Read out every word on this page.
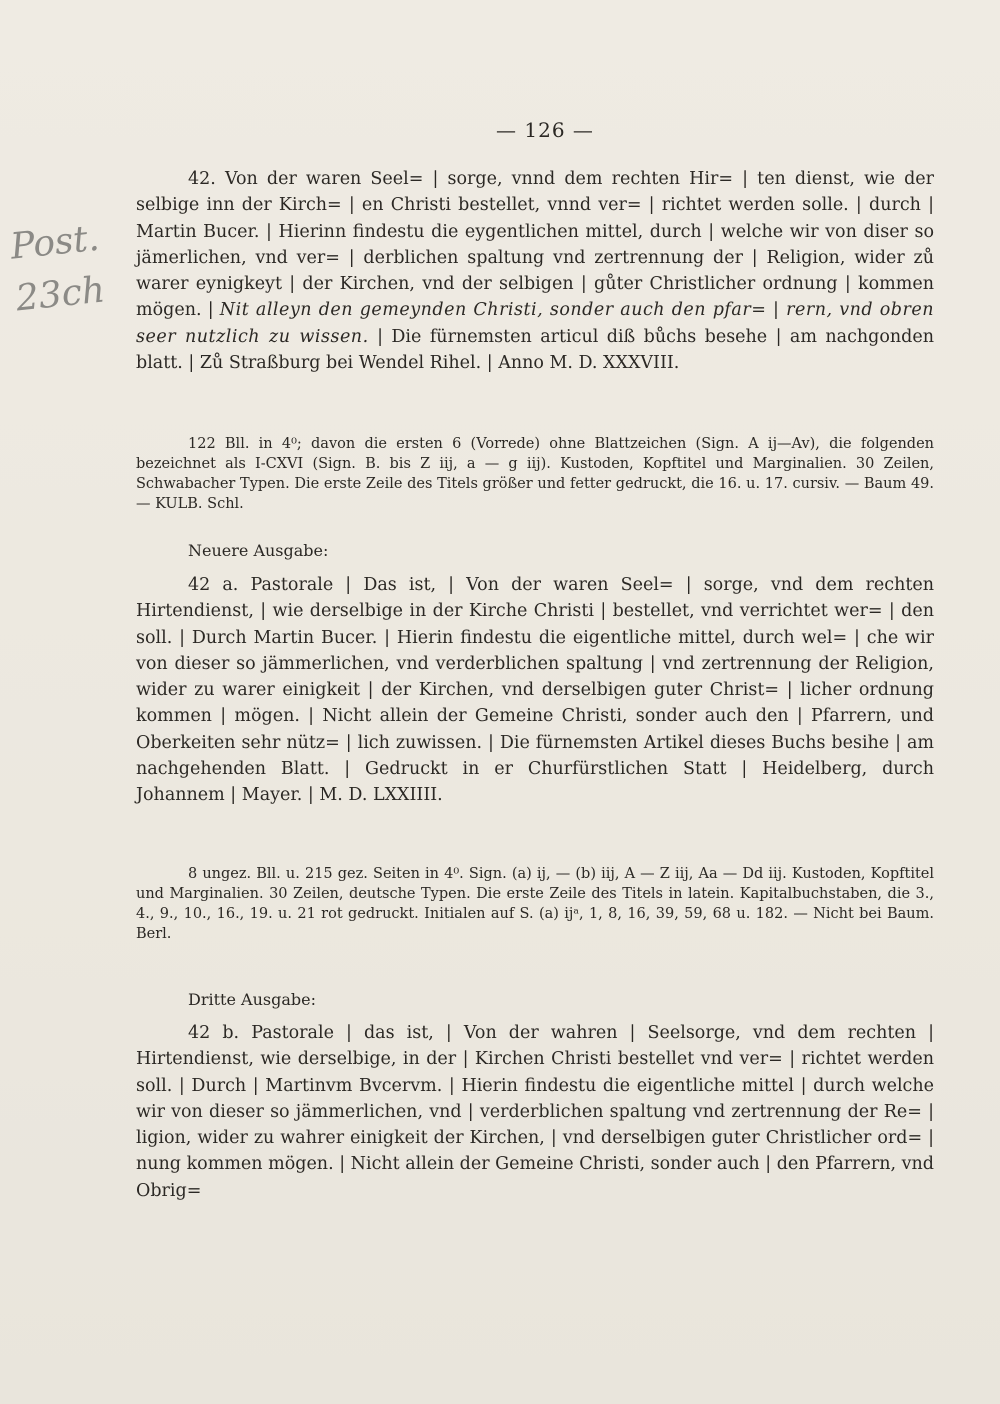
— 126 —
Post.
23ch

42. Von der waren Seel= | sorge, vnnd dem rechten Hir= | ten dienst, wie der selbige inn der Kirch= | en Christi bestellet, vnnd ver= | richtet werden solle. | durch | Martin Bucer. | Hierinn findestu die eygentlichen mittel, durch | welche wir von diser so jämerlichen, vnd ver= | derblichen spaltung vnd zertrennung der | Religion, wider zů warer eynigkeyt | der Kirchen, vnd der selbigen | gůter Christlicher ordnung | kommen mögen. | Nit alleyn den gemeynden Christi, sonder auch den pfar= | rern, vnd obren seer nutzlich zu wissen. | Die fürnemsten articul diß bůchs besehe | am nachgonden blatt. | Zů Straßburg bei Wendel Rihel. | Anno M. D. XXXVIII.

122 Bll. in 4⁰; davon die ersten 6 (Vorrede) ohne Blattzeichen (Sign. A ij—Av), die folgenden bezeichnet als I-CXVI (Sign. B. bis Z iij, a — g iij). Kustoden, Kopftitel und Marginalien. 30 Zeilen, Schwabacher Typen. Die erste Zeile des Titels größer und fetter gedruckt, die 16. u. 17. cursiv. — Baum 49. — KULB. Schl.

Neuere Ausgabe:

42 a. Pastorale | Das ist, | Von der waren Seel= | sorge, vnd dem rechten Hirtendienst, | wie derselbige in der Kirche Christi | bestellet, vnd verrichtet wer= | den soll. | Durch Martin Bucer. | Hierin findestu die eigentliche mittel, durch wel= | che wir von dieser so jämmerlichen, vnd verderblichen spaltung | vnd zertrennung der Religion, wider zu warer einigkeit | der Kirchen, vnd derselbigen guter Christ= | licher ordnung kommen | mögen. | Nicht allein der Gemeine Christi, sonder auch den | Pfarrern, und Oberkeiten sehr nütz= | lich zuwissen. | Die fürnemsten Artikel dieses Buchs besihe | am nachgehenden Blatt. | Gedruckt in er Churfürstlichen Statt | Heidelberg, durch Johannem | Mayer. | M. D. LXXIIII.

8 ungez. Bll. u. 215 gez. Seiten in 4⁰. Sign. (a) ij, — (b) iij, A — Z iij, Aa — Dd iij. Kustoden, Kopftitel und Marginalien. 30 Zeilen, deutsche Typen. Die erste Zeile des Titels in latein. Kapitalbuchstaben, die 3., 4., 9., 10., 16., 19. u. 21 rot gedruckt. Initialen auf S. (a) ijᵃ, 1, 8, 16, 39, 59, 68 u. 182. — Nicht bei Baum. Berl.

Dritte Ausgabe:

42 b. Pastorale | das ist, | Von der wahren | Seelsorge, vnd dem rechten | Hirtendienst, wie derselbige, in der | Kirchen Christi bestellet vnd ver= | richtet werden soll. | Durch | Martinvm Bvcervm. | Hierin findestu die eigentliche mittel | durch welche wir von dieser so jämmerlichen, vnd | verderblichen spaltung vnd zertrennung der Re= | ligion, wider zu wahrer einigkeit der Kirchen, | vnd derselbigen guter Christlicher ord= | nung kommen mögen. | Nicht allein der Gemeine Christi, sonder auch | den Pfarrern, vnd Obrig=
